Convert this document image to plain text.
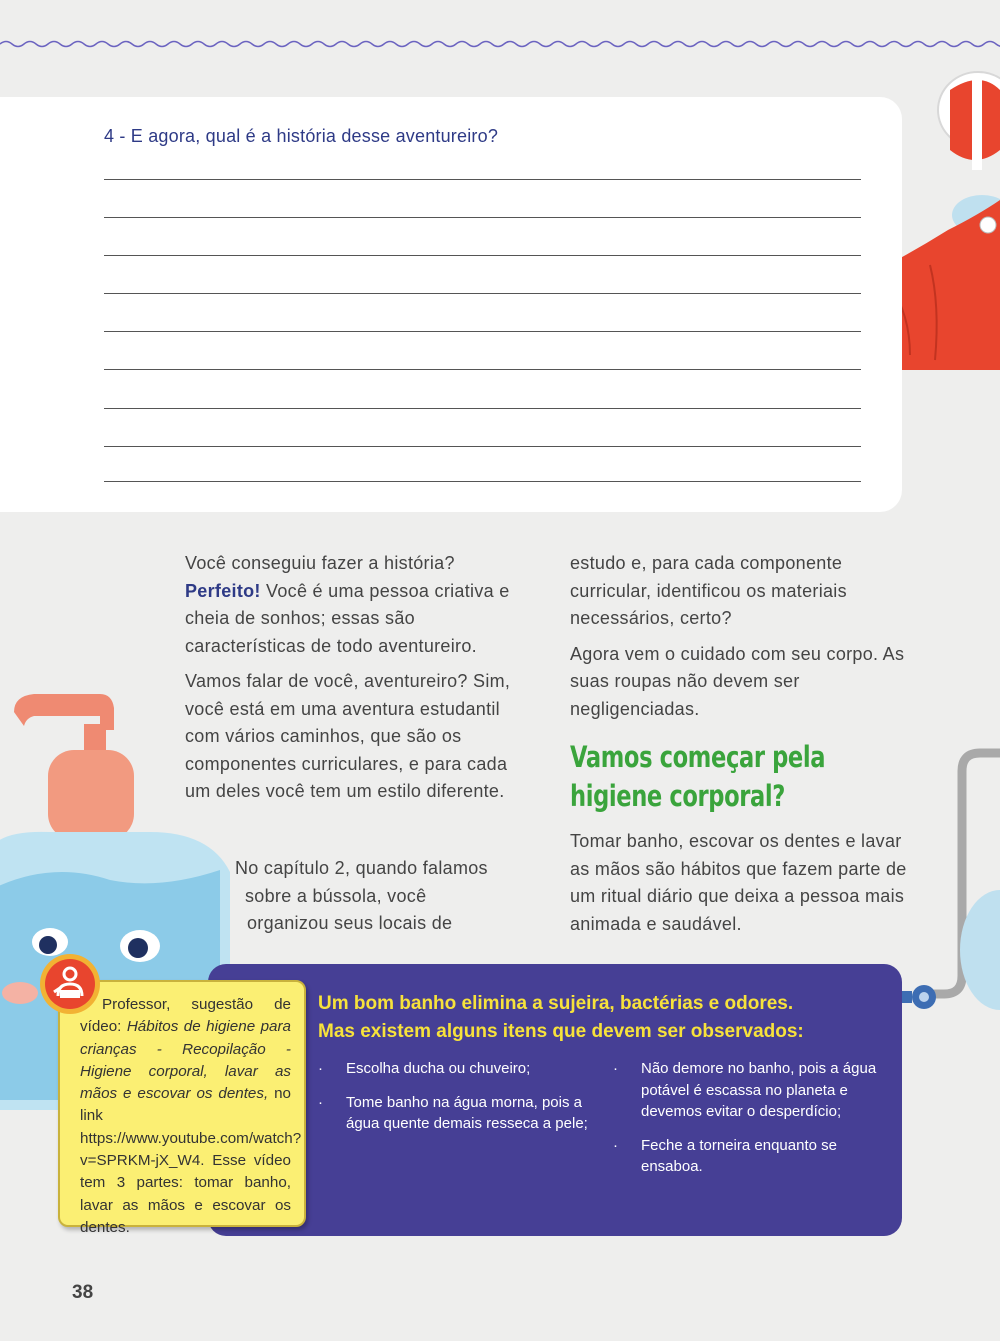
4 - E agora, qual é a história desse aventureiro?

Você conseguiu fazer a história?
Perfeito! Você é uma pessoa criativa e cheia de sonhos; essas são características de todo aventureiro.

Vamos falar de você, aventureiro? Sim, você está em uma aventura estudantil com vários caminhos, que são os componentes curriculares, e para cada um deles você tem um estilo diferente.

No capítulo 2, quando falamos
sobre a bússola, você
organizou seus locais de

estudo e, para cada componente curricular, identificou os materiais necessários, certo?

Agora vem o cuidado com seu corpo. As suas roupas não devem ser negligenciadas.

Vamos começar pela
higiene corporal?

Tomar banho, escovar os dentes e lavar as mãos são hábitos que fazem parte de um ritual diário que deixa a pessoa mais animada e saudável.

Um bom banho elimina a sujeira, bactérias e odores.
Mas existem alguns itens que devem ser observados:
· Escolha ducha ou chuveiro;
· Tome banho na água morna, pois a água quente demais resseca a pele;
· Não demore no banho, pois a água potável é escassa no planeta e devemos evitar o desperdício;
· Feche a torneira enquanto se ensaboa.
Professor, sugestão de vídeo: Hábitos de higiene para crianças - Recopilação - Higiene corporal, lavar as mãos e escovar os dentes, no link https://www.youtube.com/watch?v=SPRKM-jX_W4. Esse vídeo tem 3 partes: tomar banho, lavar as mãos e escovar os dentes.
38
